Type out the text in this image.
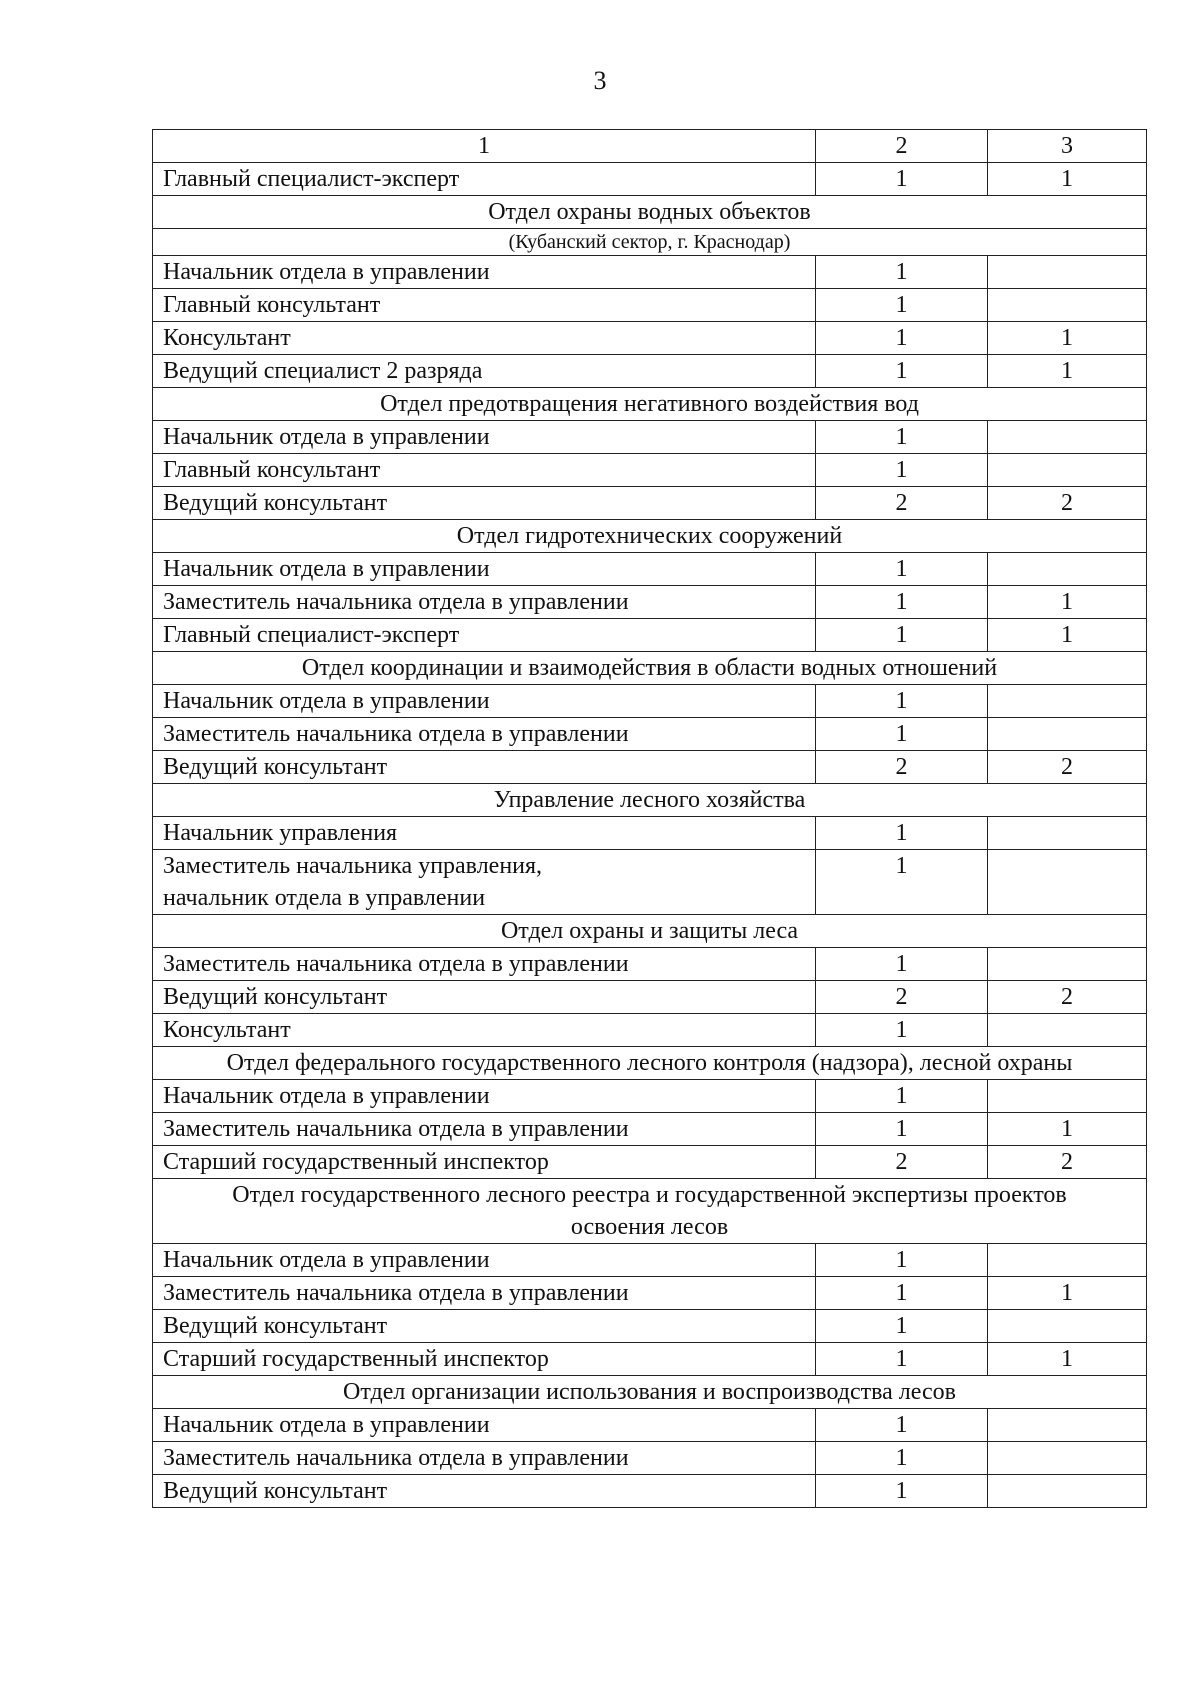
3
1	2	3
Главный специалист-эксперт	1	1
Отдел охраны водных объектов		
(Кубанский сектор, г. Краснодар)		
Начальник отдела в управлении	1	
Главный консультант	1	
Консультант	1	1
Ведущий специалист 2 разряда	1	1
Отдел предотвращения негативного воздействия вод		
Начальник отдела в управлении	1	
Главный консультант	1	
Ведущий консультант	2	2
Отдел гидротехнических сооружений		
Начальник отдела в управлении	1	
Заместитель начальника отдела в управлении	1	1
Главный специалист-эксперт	1	1
Отдел координации и взаимодействия в области водных отношений		
Начальник отдела в управлении	1	
Заместитель начальника отдела в управлении	1	
Ведущий консультант	2	2
Управление лесного хозяйства		
Начальник управления	1	
Заместитель начальника управления,
начальник отдела в управлении	1	
Отдел охраны и защиты леса		
Заместитель начальника отдела в управлении	1	
Ведущий консультант	2	2
Консультант	1	
Отдел федерального государственного лесного контроля (надзора), лесной охраны		
Начальник отдела в управлении	1	
Заместитель начальника отдела в управлении	1	1
Старший государственный инспектор	2	2
Отдел государственного лесного реестра и государственной экспертизы проектов освоения лесов		
Начальник отдела в управлении	1	
Заместитель начальника отдела в управлении	1	1
Ведущий консультант	1	
Старший государственный инспектор	1	1
Отдел организации использования и воспроизводства лесов		
Начальник отдела в управлении	1	
Заместитель начальника отдела в управлении	1	
Ведущий консультант	1	
